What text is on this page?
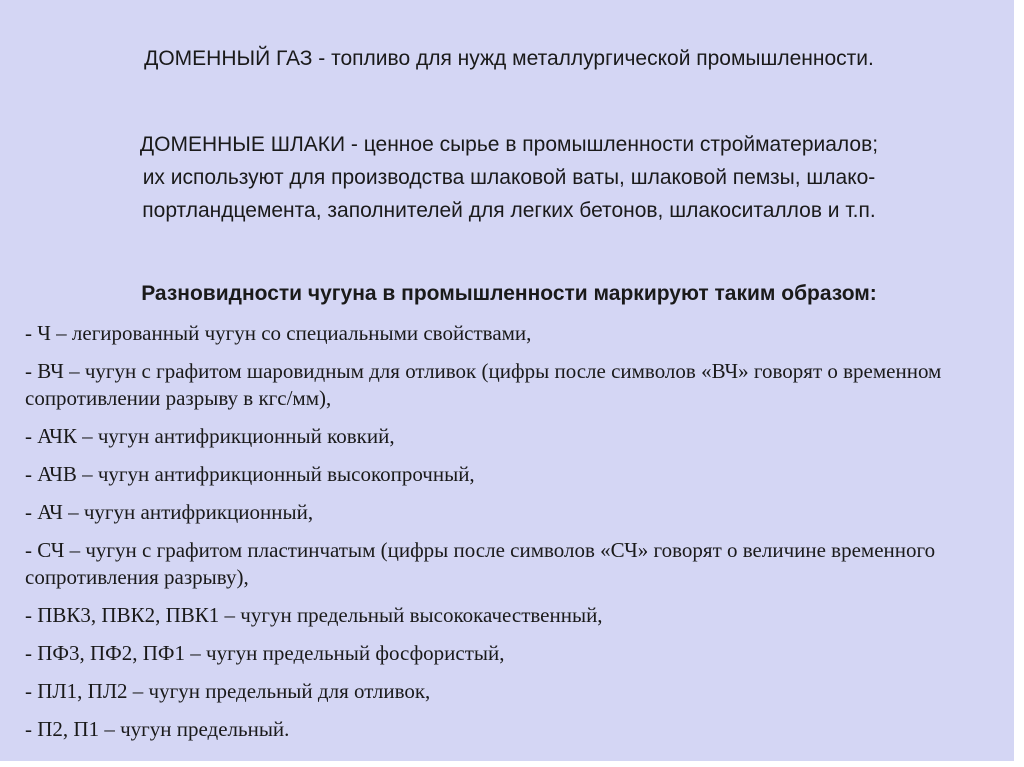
ДОМЕННЫЙ ГАЗ - топливо для нужд металлургической промышленности.
ДОМЕННЫЕ ШЛАКИ - ценное сырье в промышленности стройматериалов;
их используют для производства шлаковой ваты, шлаковой пемзы, шлако-
портландцемента, заполнителей для легких бетонов, шлакоситаллов и т.п.
Разновидности чугуна в промышленности маркируют таким образом:
- Ч – легированный чугун со специальными свойствами,
- ВЧ – чугун с графитом шаровидным для отливок (цифры после символов «ВЧ» говорят о временном сопротивлении разрыву в кгс/мм),
- АЧК – чугун антифрикционный ковкий,
- АЧВ – чугун антифрикционный высокопрочный,
- АЧ – чугун антифрикционный,
- СЧ – чугун с графитом пластинчатым (цифры после символов «СЧ» говорят о величине временного сопротивления разрыву),
- ПВК3, ПВК2, ПВК1 – чугун предельный высококачественный,
- ПФ3, ПФ2, ПФ1 – чугун предельный фосфористый,
- ПЛ1, ПЛ2 – чугун предельный для отливок,
- П2, П1 – чугун предельный.
